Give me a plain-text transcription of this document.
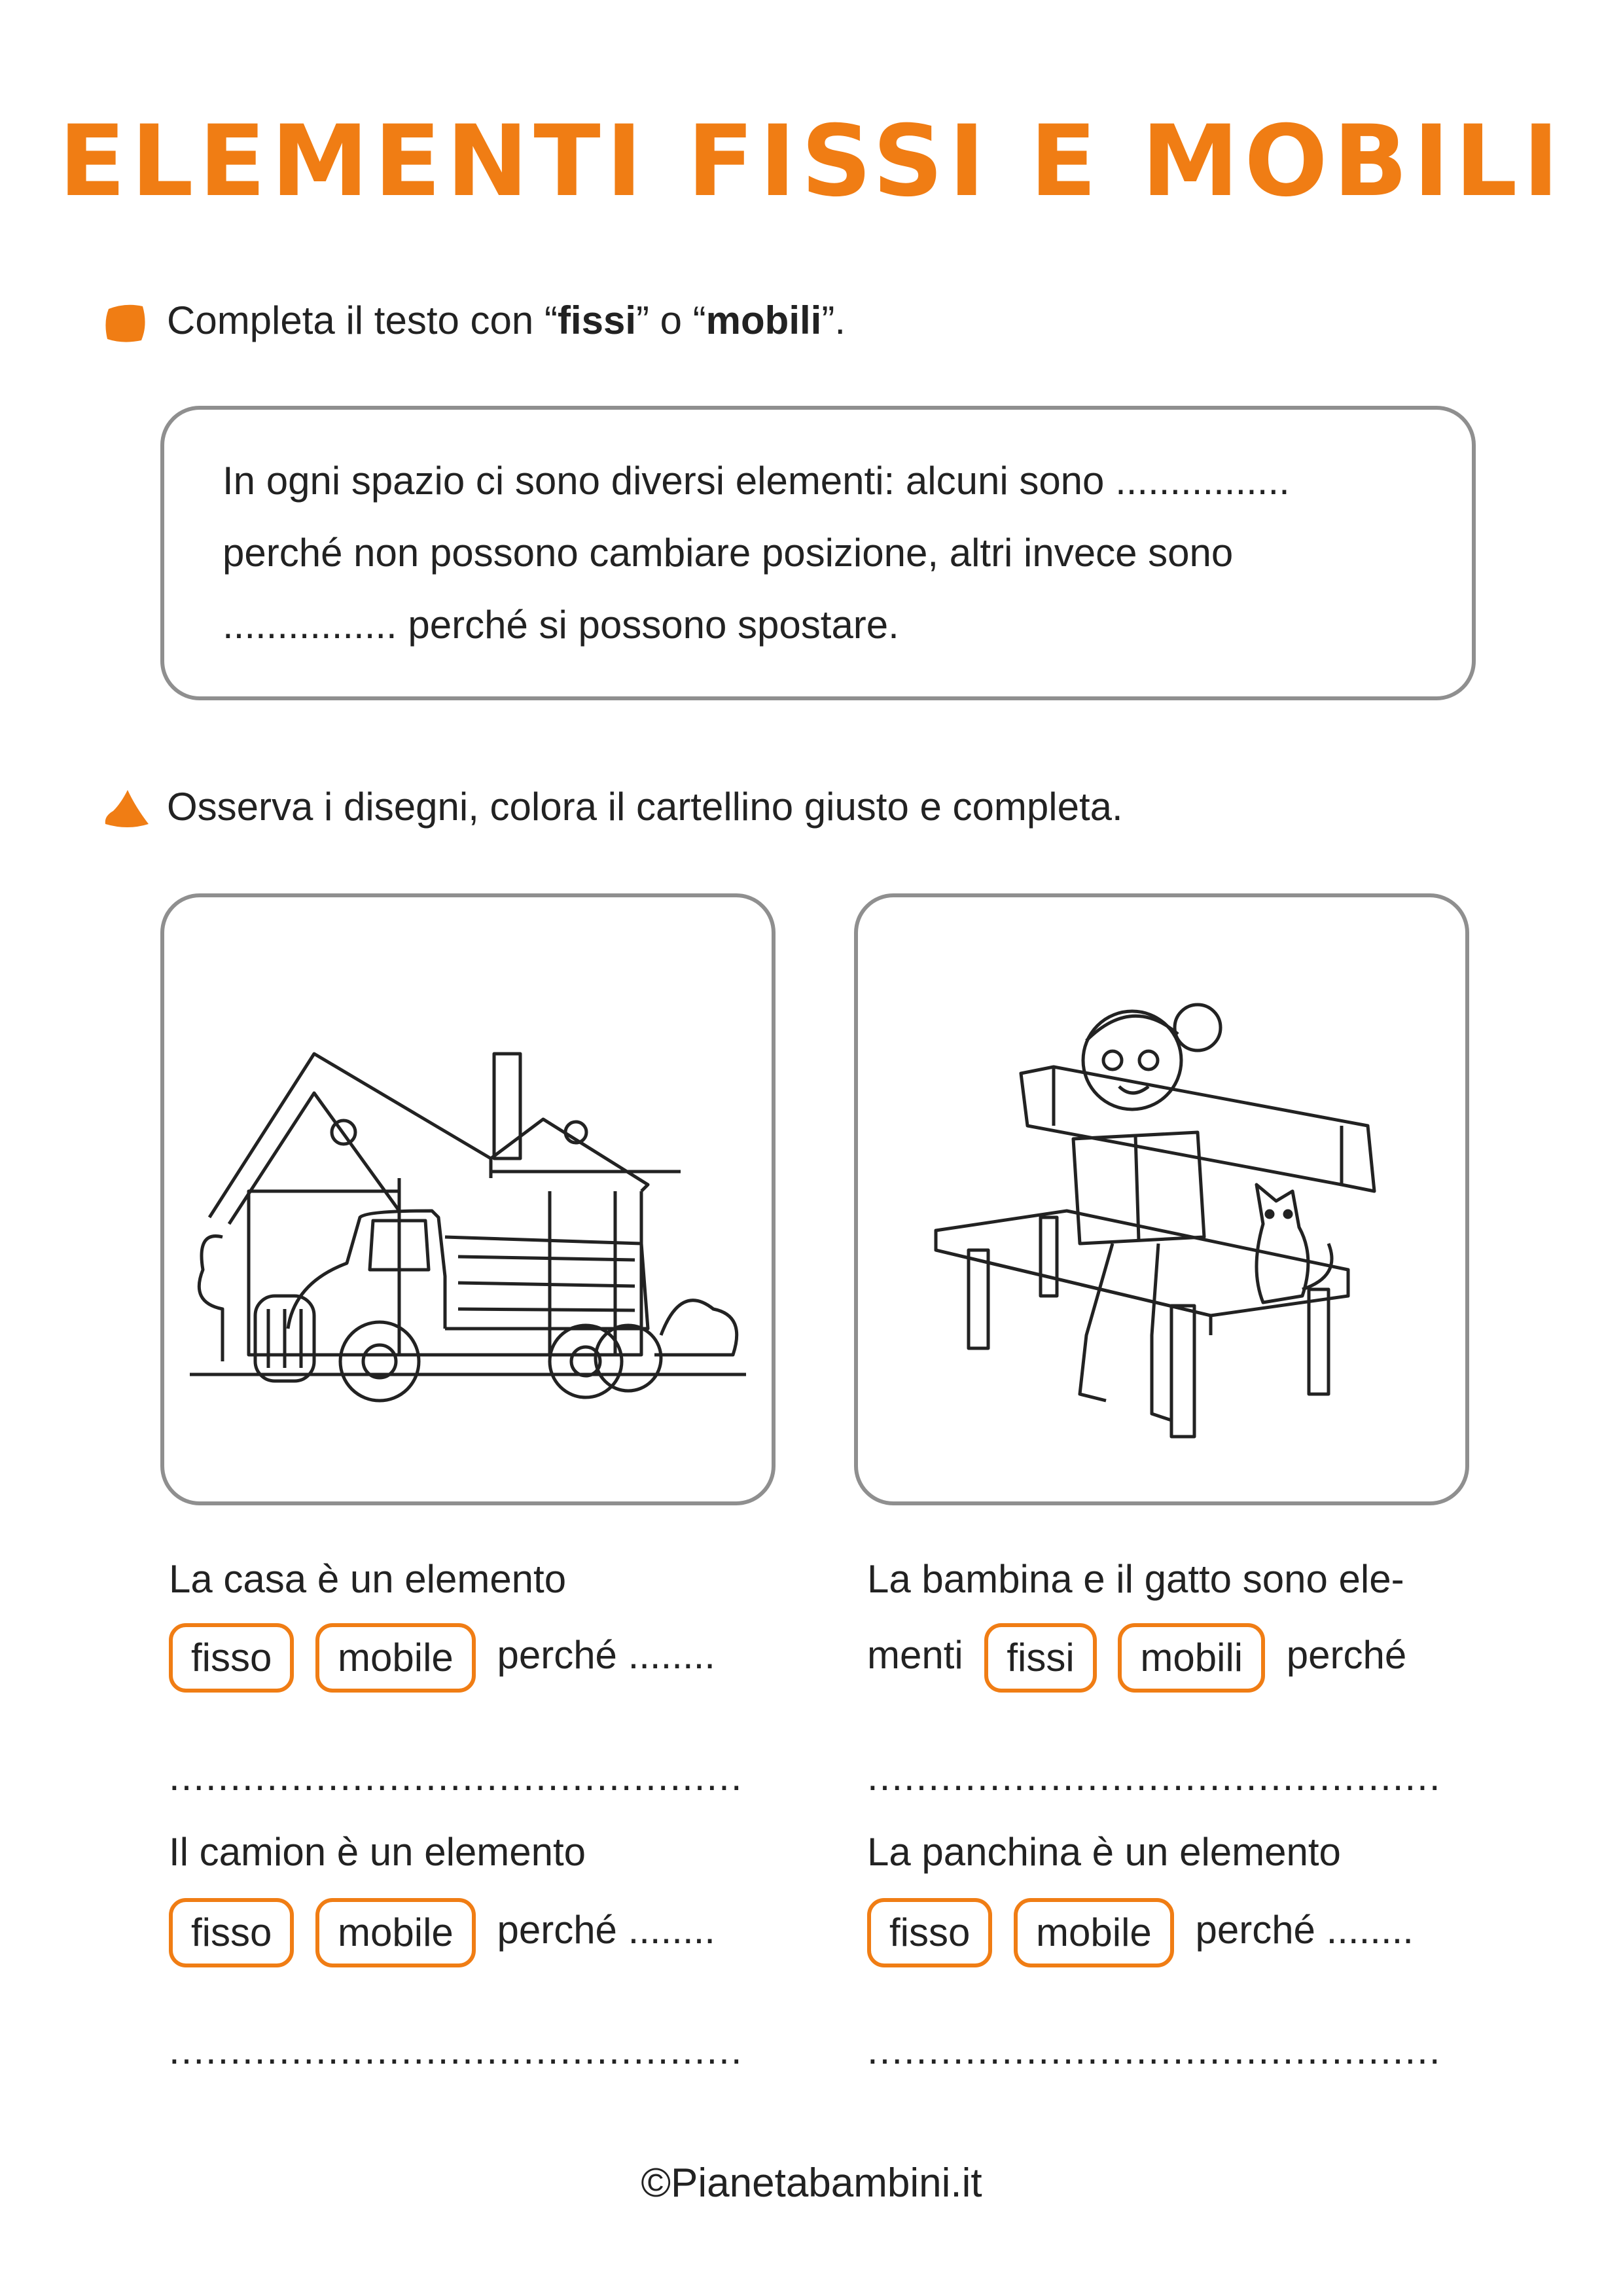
ELEMENTI FISSI E MOBILI
Completa il testo con “fissi” o “mobili”.
In ogni spazio ci sono diversi elementi: alcuni sono ................
perché non possono cambiare posizione, altri invece sono
................ perché si possono spostare.
Osserva i disegni, colora il cartellino giusto e completa.
La casa è un elemento
fisso mobile perché ........
...............................................
La bambina e il gatto sono ele-
menti fissi mobili perché
...............................................
Il camion è un elemento
fisso mobile perché ........
...............................................
La panchina è un elemento
fisso mobile perché ........
...............................................
©Pianetabambini.it
